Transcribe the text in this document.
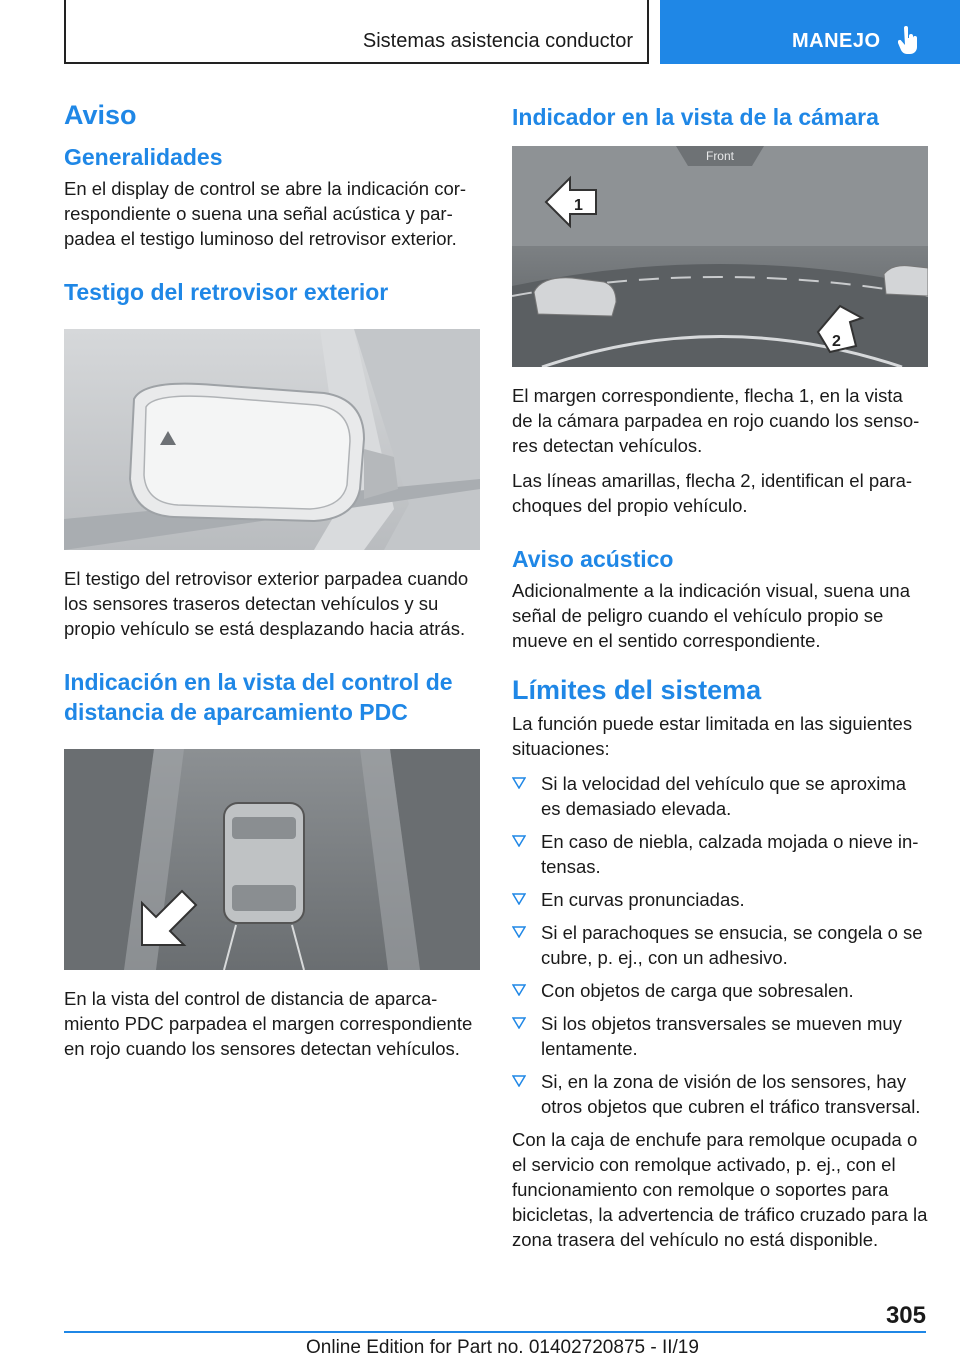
Sistemas asistencia conductor	MANEJO
Aviso
Generalidades

En el display de control se abre la indicación correspondiente o suena una señal acústica y parpadea el testigo luminoso del retrovisor exterior.

Testigo del retrovisor exterior

El testigo del retrovisor exterior parpadea cuando los sensores traseros detectan vehículos y su propio vehículo se está desplazando hacia atrás.

Indicación en la vista del control de distancia de aparcamiento PDC

En la vista del control de distancia de aparcamiento PDC parpadea el margen correspondiente en rojo cuando los sensores detectan vehículos.

Indicador en la vista de la cámara
Front
1
2

El margen correspondiente, flecha 1, en la vista de la cámara parpadea en rojo cuando los sensores detectan vehículos.

Las líneas amarillas, flecha 2, identifican el parachoques del propio vehículo.

Aviso acústico

Adicionalmente a la indicación visual, suena una señal de peligro cuando el vehículo propio se mueve en el sentido correspondiente.

Límites del sistema

La función puede estar limitada en las siguientes situaciones:

Si la velocidad del vehículo que se aproxima es demasiado elevada.
En caso de niebla, calzada mojada o nieve intensas.
En curvas pronunciadas.
Si el parachoques se ensucia, se congela o se cubre, p. ej., con un adhesivo.
Con objetos de carga que sobresalen.
Si los objetos transversales se mueven muy lentamente.
Si, en la zona de visión de los sensores, hay otros objetos que cubren el tráfico transversal.

Con la caja de enchufe para remolque ocupada o el servicio con remolque activado, p. ej., con el funcionamiento con remolque o soportes para bicicletas, la advertencia de tráfico cruzado para la zona trasera del vehículo no está disponible.

305
Online Edition for Part no. 01402720875 - II/19
